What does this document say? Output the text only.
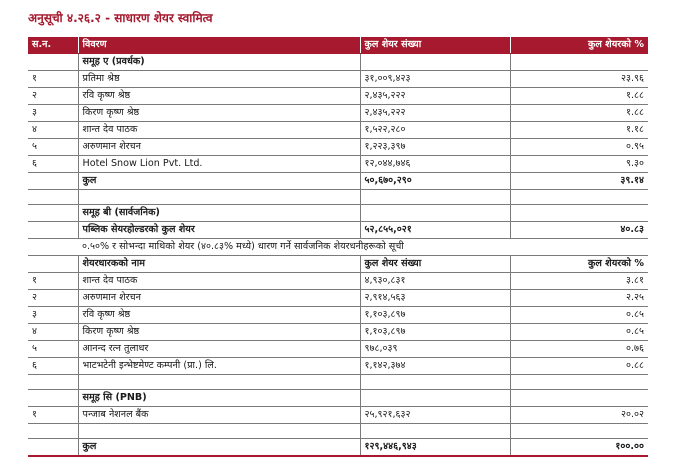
अनुसूची ४.२६.२ - साधारण शेयर स्वामित्व
स.न.	विवरण	कुल शेयर संख्या	कुल शेयरको %
	समूह ए (प्रवर्धक)		
१	प्रतिमा श्रेष्ठ	३१,००९,४२३	२३.९६
२	रवि कृष्ण श्रेष्ठ	२,४३५,२२२	१.८८
३	किरण कृष्ण श्रेष्ठ	२,४३५,२२२	१.८८
४	शान्त देव पाठक	१,५२२,२८०	१.१८
५	अरुणमान शेरचन	१,२२३,३९७	०.९५
६	Hotel Snow Lion Pvt. Ltd.	१२,०४४,७४६	९.३०
	कुल	५०,६७०,२९०	३९.१४

	समूह बी (सार्वजनिक)		
	पब्लिक सेयरहोल्डरको कुल शेयर	५२,८५५,०२१	४०.८३
०.५०% र सोभन्दा माथिको शेयर (४०.८३% मध्ये) धारण गर्ने सार्वजनिक शेयरधनीहरूको सूची			
	शेयरधारकको नाम	कुल शेयर संख्या	कुल शेयरको %
१	शान्त देव पाठक	४,९३०,८३१	३.८१
२	अरुणमान शेरचन	२,९१४,५६३	२.२५
३	रवि कृष्ण श्रेष्ठ	१,१०३,८९७	०.८५
४	किरण कृष्ण श्रेष्ठ	१,१०३,८९७	०.८५
५	आनन्द रत्न तुलाधर	९७८,०३९	०.७६
६	भाटभटेनी इन्भेष्टमेण्ट कम्पनी (प्रा.) लि.	१,१४२,३७४	०.८८

	समूह सि (PNB)		
१	पन्जाब नेशनल बैंक	२५,९२१,६३२	२०.०२

	कुल	१२९,४४६,९४३	१००.००
